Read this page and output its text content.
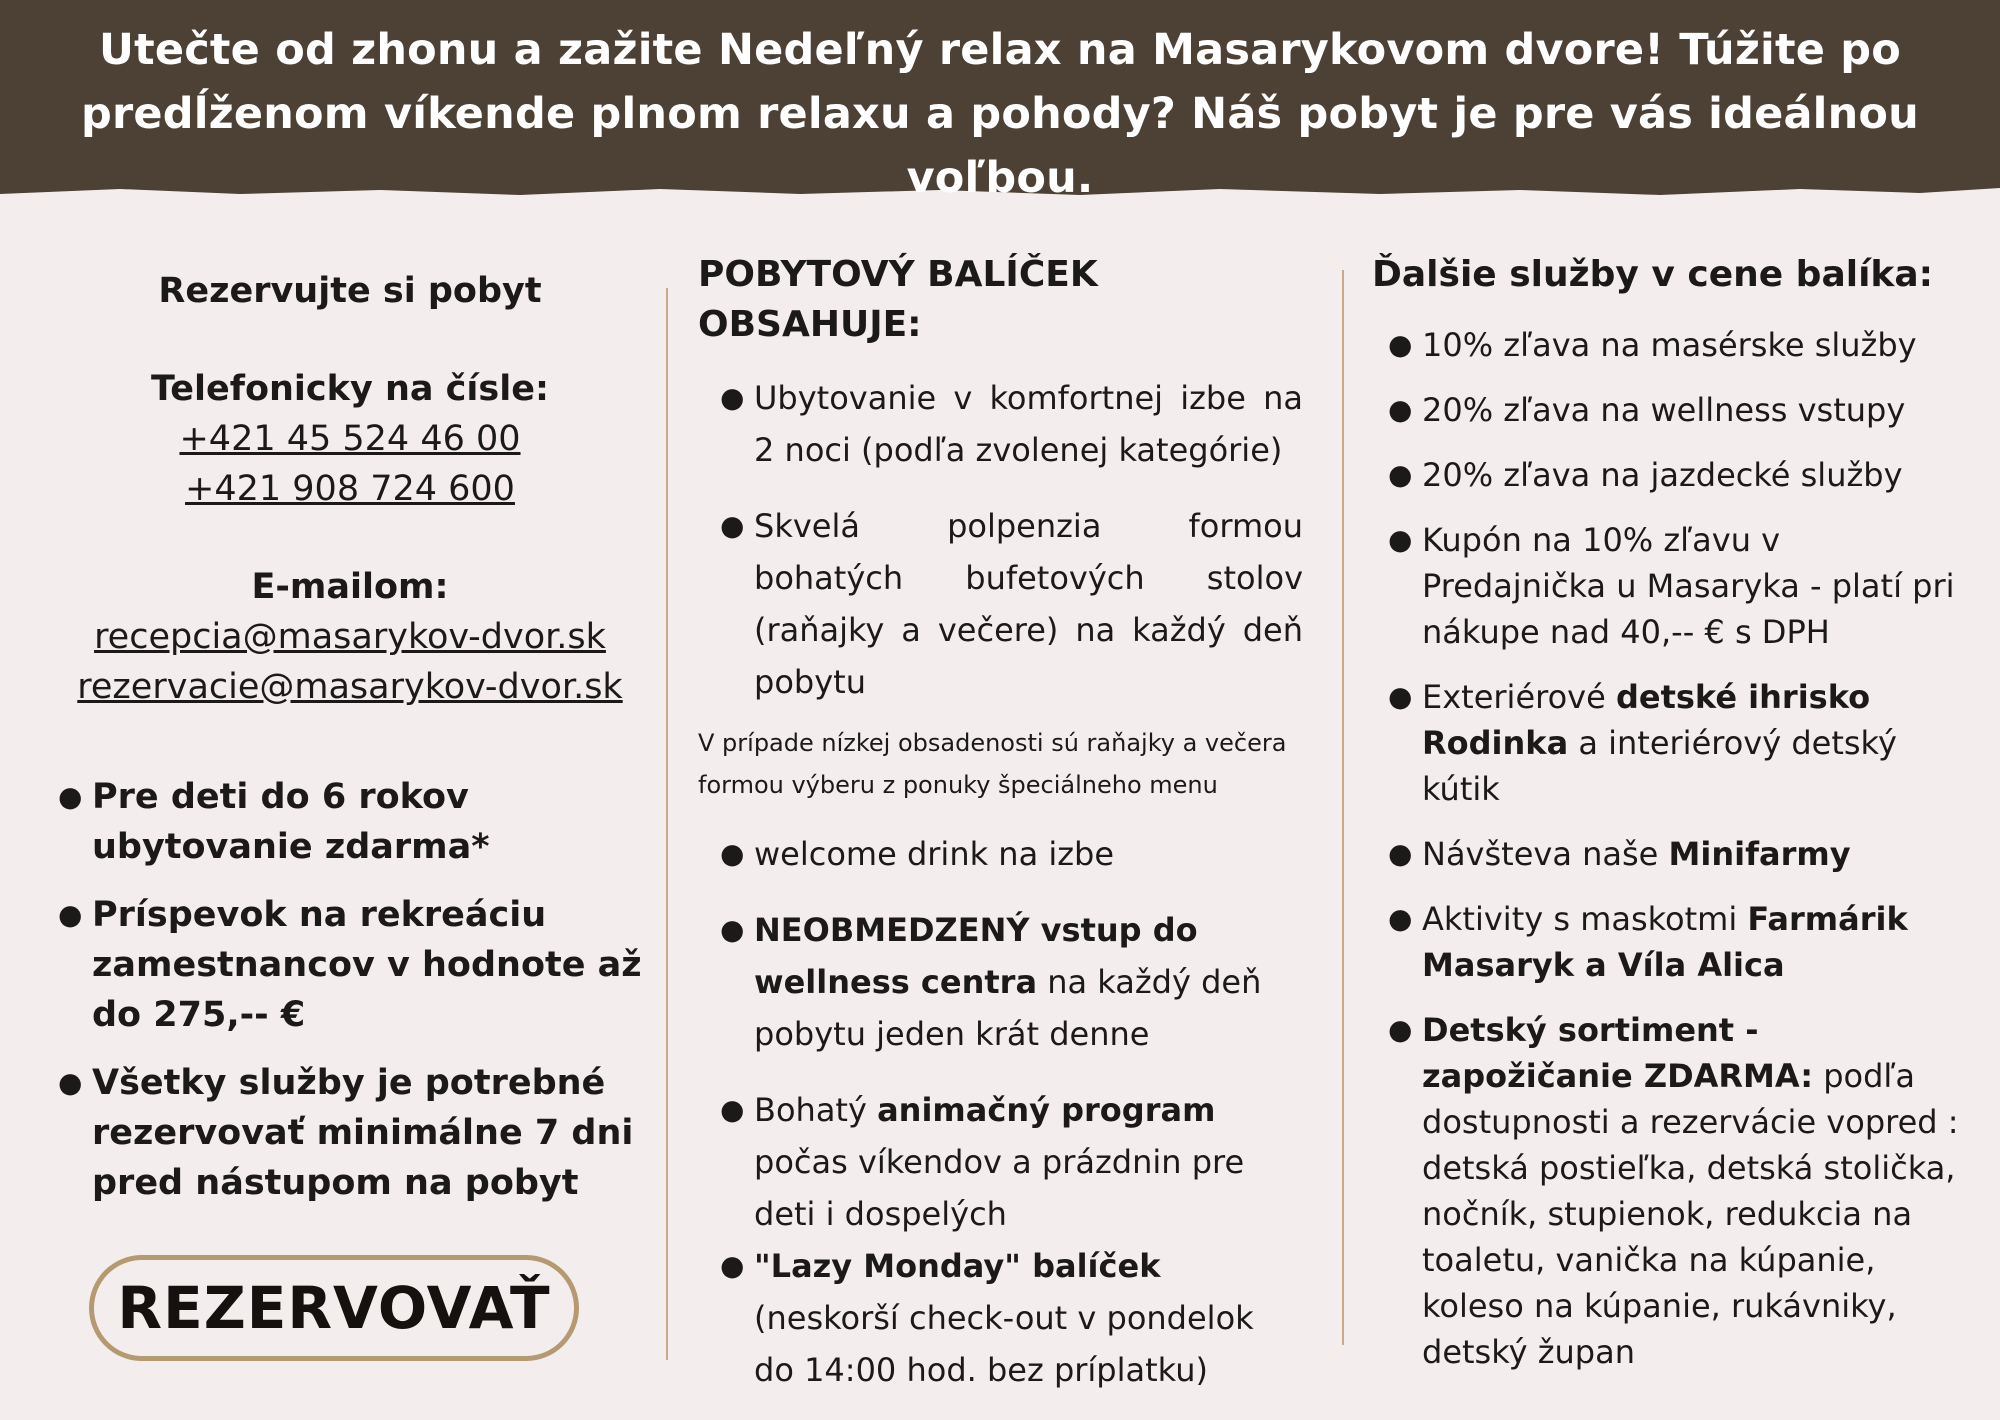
Utečte od zhonu a zažite Nedeľný relax na Masarykovom dvore! Túžite po
predĺženom víkende plnom relaxu a pohody? Náš pobyt je pre vás ideálnou voľbou.

Rezervujte si pobyt
Telefonicky na čísle:
+421 45 524 46 00
+421 908 724 600
E-mailom:
recepcia@masarykov-dvor.sk
rezervacie@masarykov-dvor.sk
● Pre deti do 6 rokov ubytovanie zdarma*
● Príspevok na rekreáciu zamestnancov v hodnote až do 275,-- €
● Všetky služby je potrebné rezervovať minimálne 7 dni pred nástupom na pobyt
REZERVOVAŤ
POBYTOVÝ BALÍČEK OBSAHUJE:
● Ubytovanie v komfortnej izbe na 2 noci (podľa zvolenej kategórie)
● Skvelá polpenzia formou bohatých bufetových stolov (raňajky a večere) na každý deň pobytu
V prípade nízkej obsadenosti sú raňajky a večera formou výberu z ponuky špeciálneho menu
● welcome drink na izbe
● NEOBMEDZENÝ vstup do wellness centra na každý deň pobytu jeden krát denne
● Bohatý animačný program počas víkendov a prázdnin pre deti i dospelých
● "Lazy Monday" balíček (neskorší check-out v pondelok do 14:00 hod. bez príplatku)
Ďalšie služby v cene balíka:
● 10% zľava na masérske služby
● 20% zľava na wellness vstupy
● 20% zľava na jazdecké služby
● Kupón na 10% zľavu v Predajnička u Masaryka - platí pri nákupe nad 40,-- € s DPH
● Exteriérové detské ihrisko Rodinka a interiérový detský kútik
● Návšteva naše Minifarmy
● Aktivity s maskotmi Farmárik Masaryk a Víla Alica
● Detský sortiment - zapožičanie ZDARMA: podľa dostupnosti a rezervácie vopred : detská postieľka, detská stolička, nočník, stupienok, redukcia na toaletu, vanička na kúpanie, koleso na kúpanie, rukávniky, detský župan
